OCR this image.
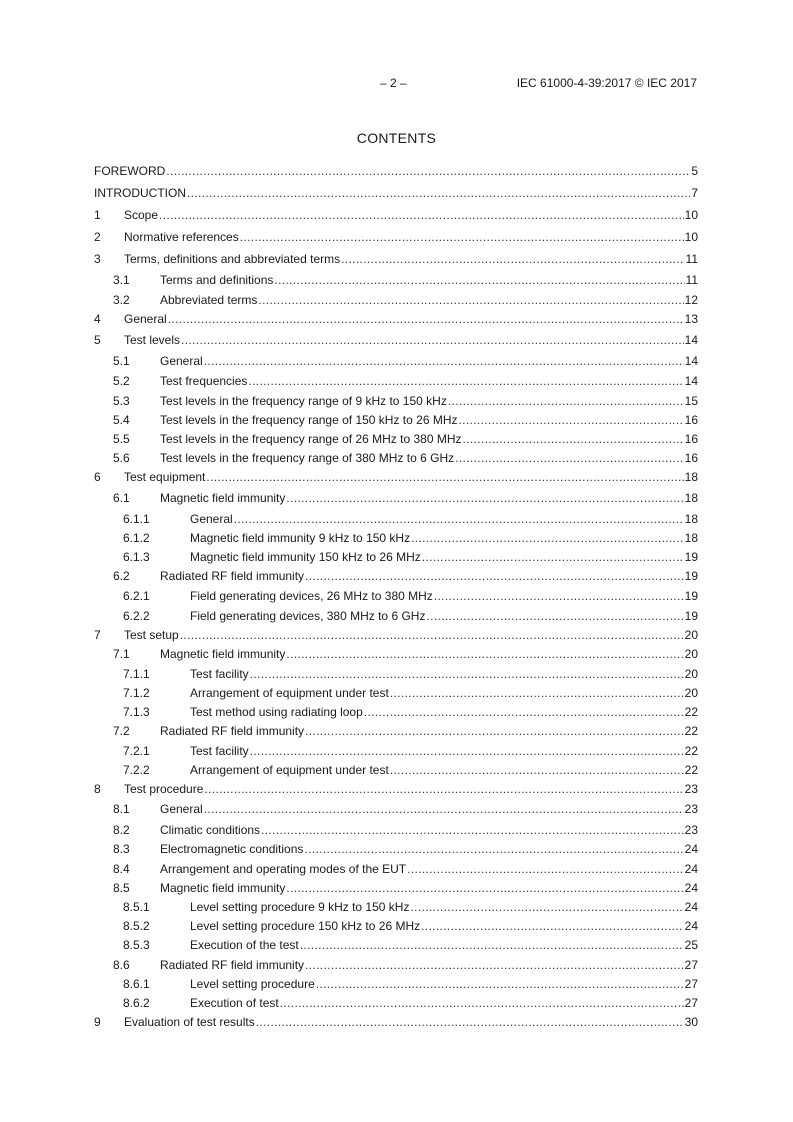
– 2 –	IEC 61000-4-39:2017 © IEC 2017
CONTENTS
FOREWORD .....	5
INTRODUCTION .....	7
1	Scope .....	10
2	Normative references .....	10
3	Terms, definitions and abbreviated terms .....	11
3.1	Terms and definitions .....	11
3.2	Abbreviated terms .....	12
4	General .....	13
5	Test levels .....	14
5.1	General .....	14
5.2	Test frequencies .....	14
5.3	Test levels in the frequency range of 9 kHz to 150 kHz .....	15
5.4	Test levels in the frequency range of 150 kHz to 26 MHz .....	16
5.5	Test levels in the frequency range of 26 MHz to 380 MHz .....	16
5.6	Test levels in the frequency range of 380 MHz to 6 GHz .....	16
6	Test equipment .....	18
6.1	Magnetic field immunity .....	18
6.1.1	General .....	18
6.1.2	Magnetic field immunity 9 kHz to 150 kHz .....	18
6.1.3	Magnetic field immunity 150 kHz to 26 MHz .....	19
6.2	Radiated RF field immunity .....	19
6.2.1	Field generating devices, 26 MHz to 380 MHz .....	19
6.2.2	Field generating devices, 380 MHz to 6 GHz .....	19
7	Test setup .....	20
7.1	Magnetic field immunity .....	20
7.1.1	Test facility .....	20
7.1.2	Arrangement of equipment under test .....	20
7.1.3	Test method using radiating loop .....	22
7.2	Radiated RF field immunity .....	22
7.2.1	Test facility .....	22
7.2.2	Arrangement of equipment under test .....	22
8	Test procedure .....	23
8.1	General .....	23
8.2	Climatic conditions .....	23
8.3	Electromagnetic conditions .....	24
8.4	Arrangement and operating modes of the EUT .....	24
8.5	Magnetic field immunity .....	24
8.5.1	Level setting procedure 9 kHz to 150 kHz .....	24
8.5.2	Level setting procedure 150 kHz to 26 MHz .....	24
8.5.3	Execution of the test .....	25
8.6	Radiated RF field immunity .....	27
8.6.1	Level setting procedure .....	27
8.6.2	Execution of test .....	27
9	Evaluation of test results .....	30
